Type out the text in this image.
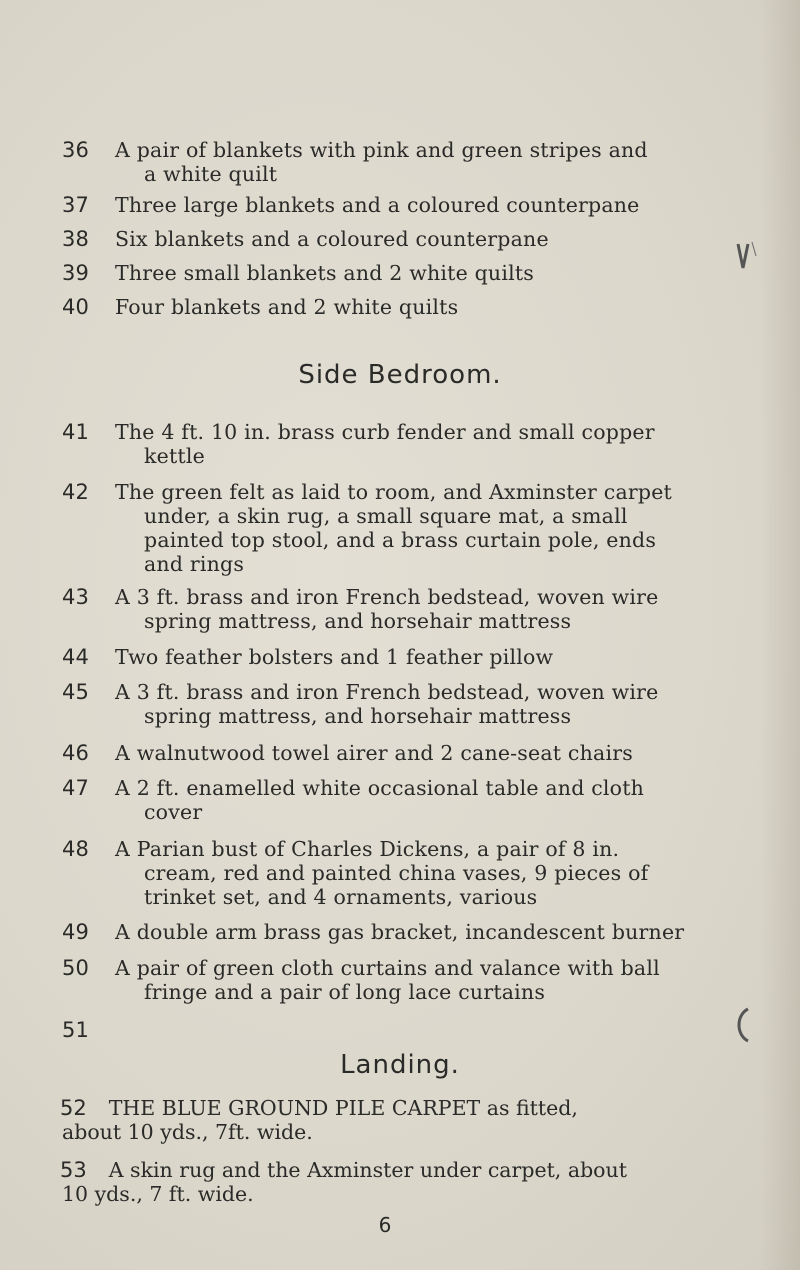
36	A pair of blankets with pink and green stripes and
a white quilt
37	Three large blankets and a coloured counterpane
38	Six blankets and a coloured counterpane
39	Three small blankets and 2 white quilts
40	Four blankets and 2 white quilts
Side Bedroom.
41	The 4 ft. 10 in. brass curb fender and small copper
kettle
42	The green felt as laid to room, and Axminster carpet
under, a skin rug, a small square mat, a small
painted top stool, and a brass curtain pole, ends
and rings
43	A 3 ft. brass and iron French bedstead, woven wire
spring mattress, and horsehair mattress
44	Two feather bolsters and 1 feather pillow
45	A 3 ft. brass and iron French bedstead, woven wire
spring mattress, and horsehair mattress
46	A walnutwood towel airer and 2 cane-seat chairs
47	A 2 ft. enamelled white occasional table and cloth
cover
48	A Parian bust of Charles Dickens, a pair of 8 in.
cream, red and painted china vases, 9 pieces of
trinket set, and 4 ornaments, various
49	A double arm brass gas bracket, incandescent burner
50	A pair of green cloth curtains and valance with ball
fringe and a pair of long lace curtains
51
Landing.
52 THE BLUE GROUND PILE CARPET as fitted,
about 10 yds., 7ft. wide.
53 A skin rug and the Axminster under carpet, about
10 yds., 7 ft. wide.
6
